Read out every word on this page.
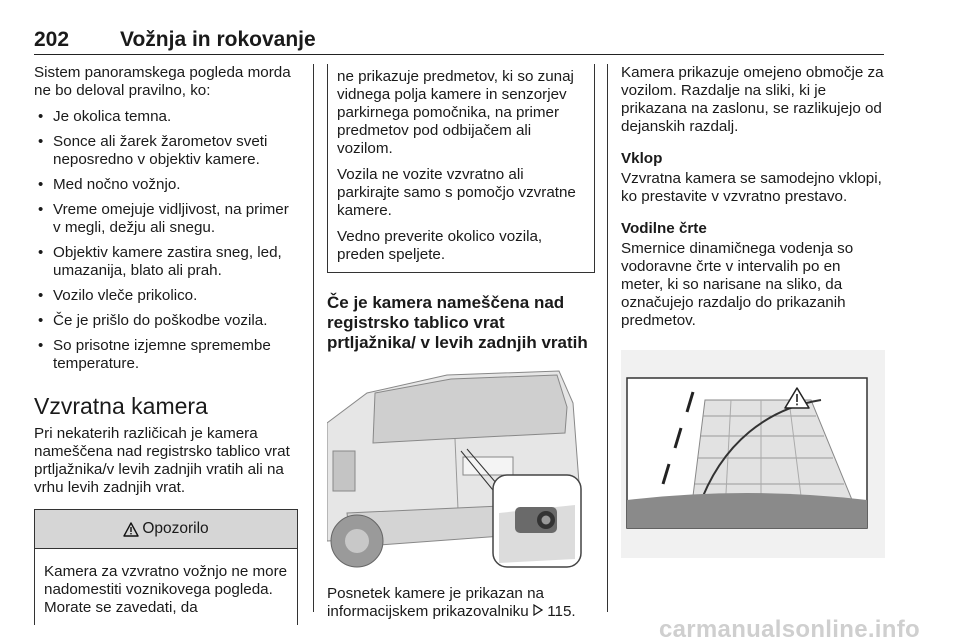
202 Vožnja in rokovanje

Sistem panoramskega pogleda morda ne bo deloval pravilno, ko:

• Je okolica temna.
• Sonce ali žarek žarometov sveti neposredno v objektiv kamere.
• Med nočno vožnjo.
• Vreme omejuje vidljivost, na primer v megli, dežju ali snegu.
• Objektiv kamere zastira sneg, led, umazanija, blato ali prah.
• Vozilo vleče prikolico.
• Če je prišlo do poškodbe vozila.
• So prisotne izjemne spremembe temperature.
Vzvratna kamera

Pri nekaterih različicah je kamera nameščena nad registrsko tablico vrat prtljažnika/v levih zadnjih vratih ali na vrhu levih zadnjih vrat.

Opozorilo
Kamera za vzvratno vožnjo ne more nadomestiti voznikovega pogleda. Morate se zavedati, da

ne prikazuje predmetov, ki so zunaj vidnega polja kamere in senzorjev parkirnega pomočnika, na primer predmetov pod odbijačem ali vozilom.

Vozila ne vozite vzvratno ali parkirajte samo s pomočjo vzvratne kamere.

Vedno preverite okolico vozila, preden speljete.

Če je kamera nameščena nad registrsko tablico vrat prtljažnika/ v levih zadnjih vratih

Posnetek kamere je prikazan na informacijskem prikazovalniku 115.

Kamera prikazuje omejeno območje za vozilom. Razdalje na sliki, ki je prikazana na zaslonu, se razlikujejo od dejanskih razdalj.

Vklop

Vzvratna kamera se samodejno vklopi, ko prestavite v vzvratno prestavo.

Vodilne črte

Smernice dinamičnega vodenja so vodoravne črte v intervalih po en meter, ki so narisane na sliko, da označujejo razdaljo do prikazanih predmetov.

carmanualsonline.info
